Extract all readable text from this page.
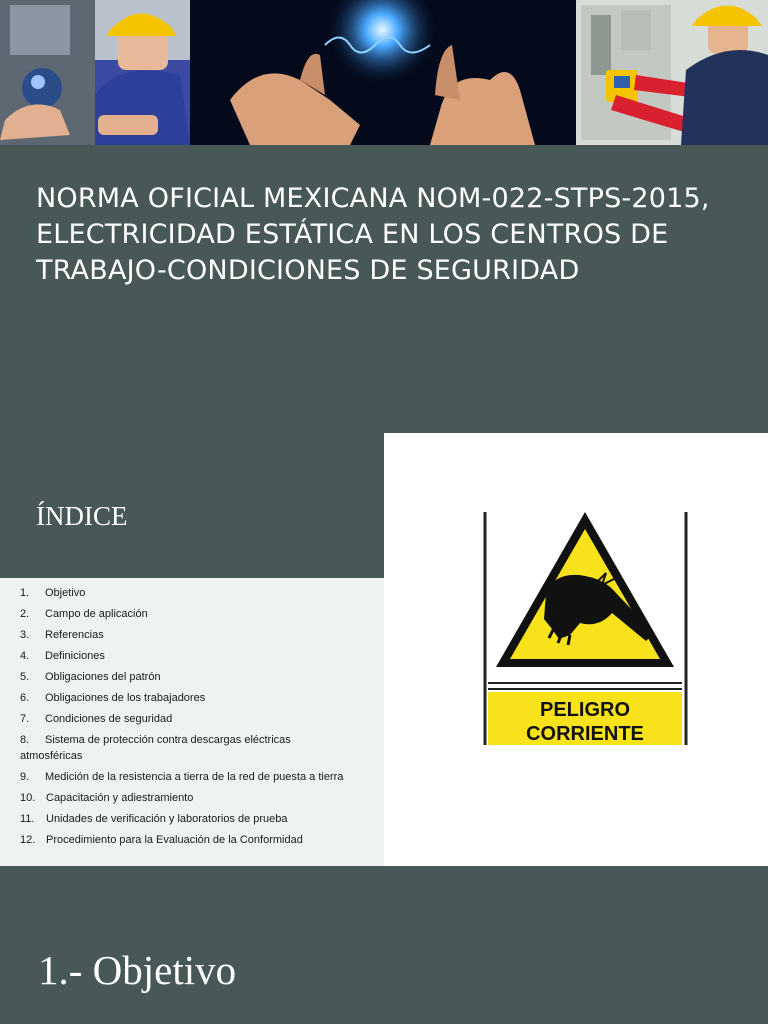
NORMA OFICIAL MEXICANA NOM-022-STPS-2015, ELECTRICIDAD ESTÁTICA EN LOS CENTROS DE TRABAJO-CONDICIONES DE SEGURIDAD
ÍNDICE
PELIGRO
CORRIENTE
1. Objetivo
2. Campo de aplicación
3. Referencias
4. Definiciones
5. Obligaciones del patrón
6. Obligaciones de los trabajadores
7. Condiciones de seguridad
8. Sistema de protección contra descargas eléctricas atmosféricas
9. Medición de la resistencia a tierra de la red de puesta a tierra
10. Capacitación y adiestramiento
11. Unidades de verificación y laboratorios de prueba
12. Procedimiento para la Evaluación de la Conformidad
1.- Objetivo
